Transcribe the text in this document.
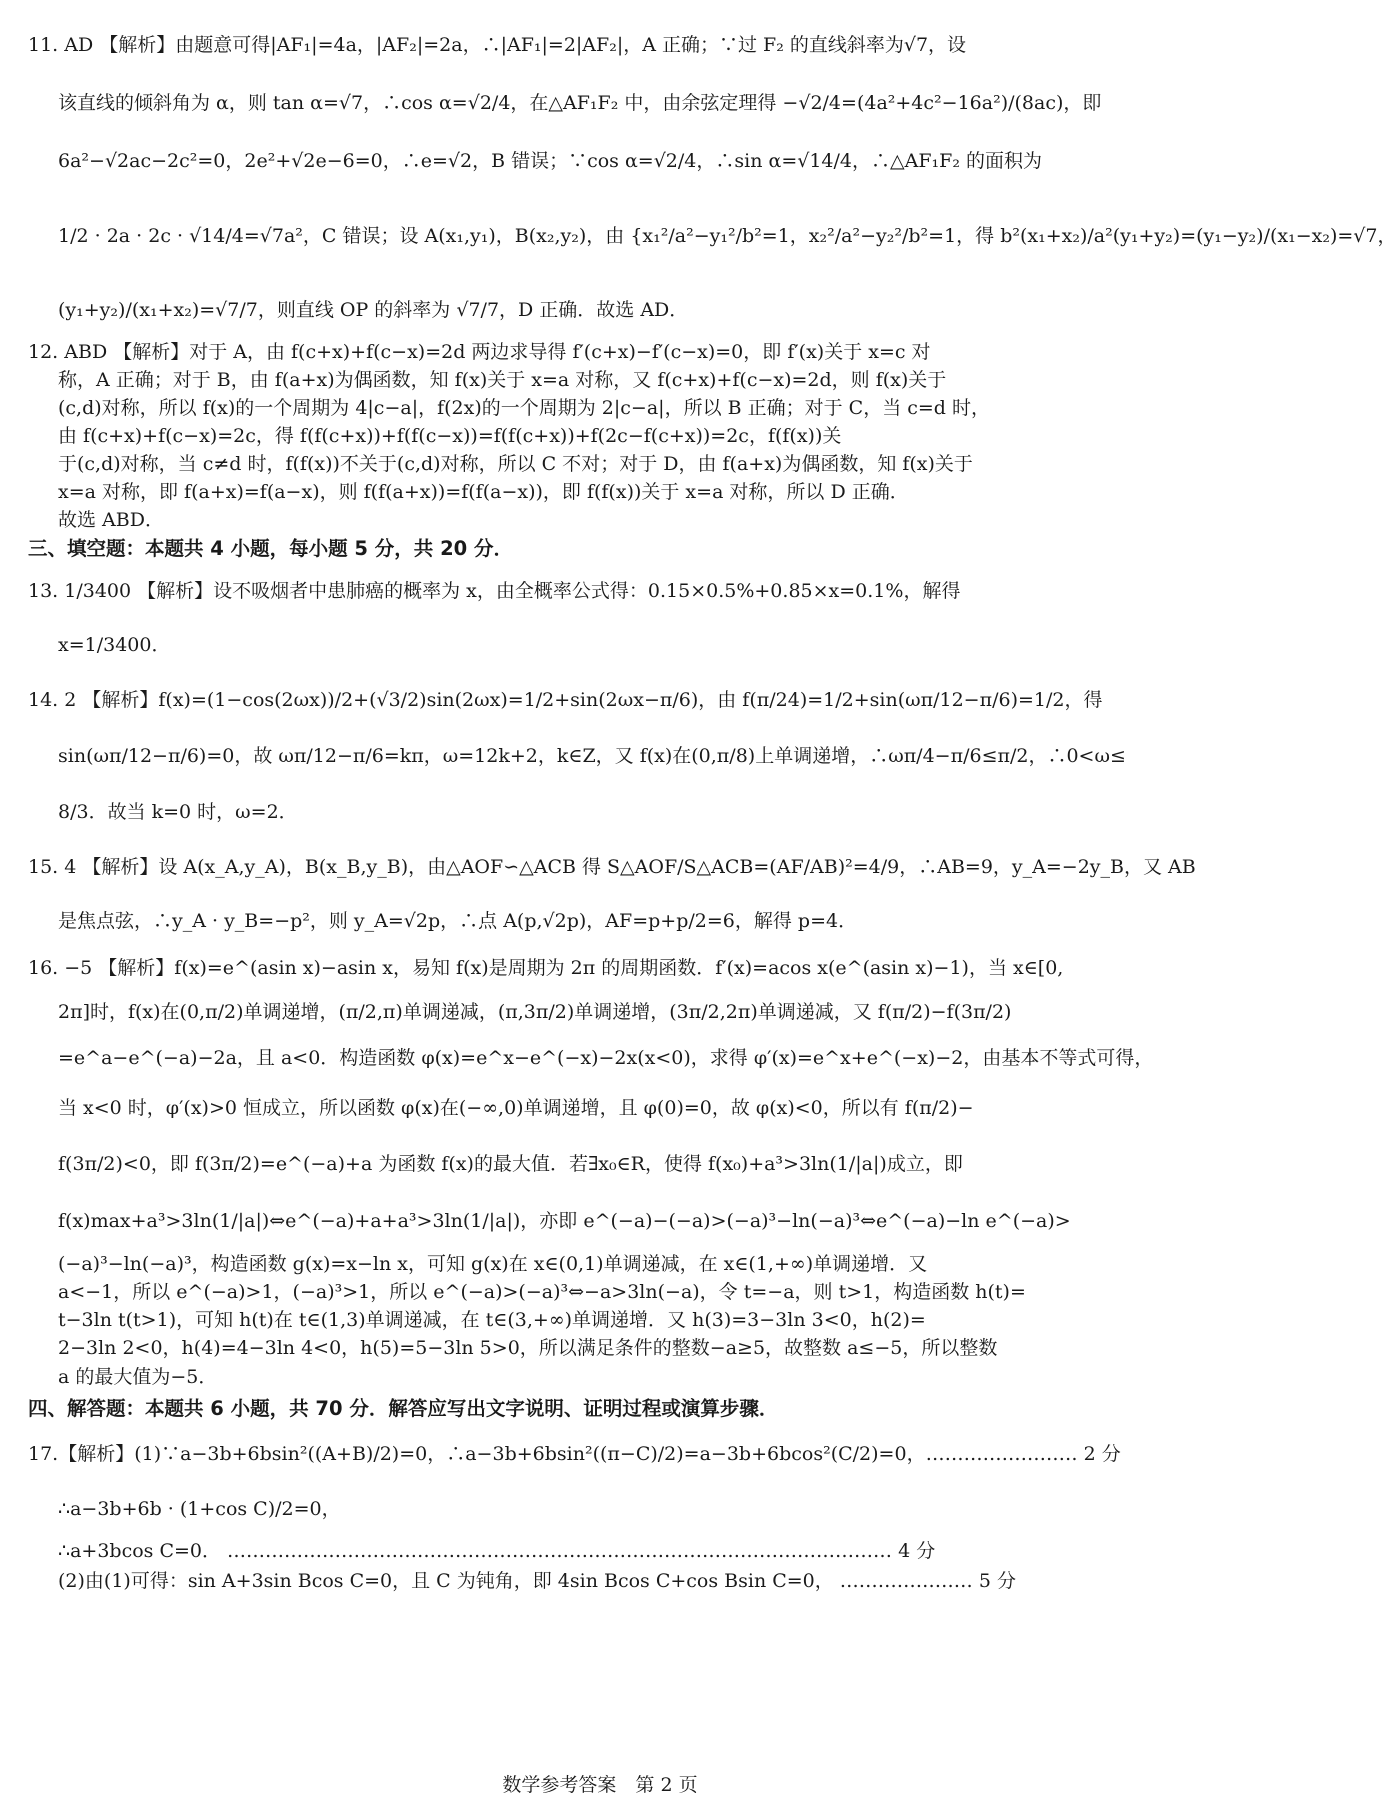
11. AD 【解析】由题意可得|AF₁|=4a，|AF₂|=2a，∴|AF₁|=2|AF₂|，A 正确；∵过 F₂ 的直线斜率为√7，设
该直线的倾斜角为 α，则 tan α=√7，∴cos α=√2/4，在△AF₁F₂ 中，由余弦定理得 −√2/4=(4a²+4c²−16a²)/(8ac)，即
6a²−√2ac−2c²=0，2e²+√2e−6=0，∴e=√2，B 错误；∵cos α=√2/4，∴sin α=√14/4，∴△AF₁F₂ 的面积为
1/2 · 2a · 2c · √14/4=√7a²，C 错误；设 A(x₁,y₁)，B(x₂,y₂)，由 {x₁²/a²−y₁²/b²=1，x₂²/a²−y₂²/b²=1，得 b²(x₁+x₂)/a²(y₁+y₂)=(y₁−y₂)/(x₁−x₂)=√7，
(y₁+y₂)/(x₁+x₂)=√7/7，则直线 OP 的斜率为 √7/7，D 正确．故选 AD．
12. ABD 【解析】对于 A，由 f(c+x)+f(c−x)=2d 两边求导得 f′(c+x)−f′(c−x)=0，即 f′(x)关于 x=c 对
称，A 正确；对于 B，由 f(a+x)为偶函数，知 f(x)关于 x=a 对称，又 f(c+x)+f(c−x)=2d，则 f(x)关于
(c,d)对称，所以 f(x)的一个周期为 4|c−a|，f(2x)的一个周期为 2|c−a|，所以 B 正确；对于 C，当 c=d 时，
由 f(c+x)+f(c−x)=2c，得 f(f(c+x))+f(f(c−x))=f(f(c+x))+f(2c−f(c+x))=2c，f(f(x))关
于(c,d)对称，当 c≠d 时，f(f(x))不关于(c,d)对称，所以 C 不对；对于 D，由 f(a+x)为偶函数，知 f(x)关于
x=a 对称，即 f(a+x)=f(a−x)，则 f(f(a+x))=f(f(a−x))，即 f(f(x))关于 x=a 对称，所以 D 正确．
故选 ABD．
三、填空题：本题共 4 小题，每小题 5 分，共 20 分．
13. 1/3400 【解析】设不吸烟者中患肺癌的概率为 x，由全概率公式得：0.15×0.5%+0.85×x=0.1%，解得
x=1/3400．
14. 2 【解析】f(x)=(1−cos(2ωx))/2+(√3/2)sin(2ωx)=1/2+sin(2ωx−π/6)，由 f(π/24)=1/2+sin(ωπ/12−π/6)=1/2，得
sin(ωπ/12−π/6)=0，故 ωπ/12−π/6=kπ，ω=12k+2，k∈Z，又 f(x)在(0,π/8)上单调递增，∴ωπ/4−π/6≤π/2，∴0<ω≤
8/3．故当 k=0 时，ω=2．
15. 4 【解析】设 A(x_A,y_A)，B(x_B,y_B)，由△AOF∽△ACB 得 S△AOF/S△ACB=(AF/AB)²=4/9，∴AB=9，y_A=−2y_B，又 AB
是焦点弦，∴y_A · y_B=−p²，则 y_A=√2p，∴点 A(p,√2p)，AF=p+p/2=6，解得 p=4．
16. −5 【解析】f(x)=e^(asin x)−asin x，易知 f(x)是周期为 2π 的周期函数．f′(x)=acos x(e^(asin x)−1)，当 x∈[0,
2π]时，f(x)在(0,π/2)单调递增，(π/2,π)单调递减，(π,3π/2)单调递增，(3π/2,2π)单调递减，又 f(π/2)−f(3π/2)
=e^a−e^(−a)−2a，且 a<0．构造函数 φ(x)=e^x−e^(−x)−2x(x<0)，求得 φ′(x)=e^x+e^(−x)−2，由基本不等式可得，
当 x<0 时，φ′(x)>0 恒成立，所以函数 φ(x)在(−∞,0)单调递增，且 φ(0)=0，故 φ(x)<0，所以有 f(π/2)−
f(3π/2)<0，即 f(3π/2)=e^(−a)+a 为函数 f(x)的最大值．若∃x₀∈R，使得 f(x₀)+a³>3ln(1/|a|)成立，即
f(x)max+a³>3ln(1/|a|)⇔e^(−a)+a+a³>3ln(1/|a|)，亦即 e^(−a)−(−a)>(−a)³−ln(−a)³⇔e^(−a)−ln e^(−a)>
(−a)³−ln(−a)³，构造函数 g(x)=x−ln x，可知 g(x)在 x∈(0,1)单调递减，在 x∈(1,+∞)单调递增．又
a<−1，所以 e^(−a)>1，(−a)³>1，所以 e^(−a)>(−a)³⇔−a>3ln(−a)，令 t=−a，则 t>1，构造函数 h(t)=
t−3ln t(t>1)，可知 h(t)在 t∈(1,3)单调递减，在 t∈(3,+∞)单调递增．又 h(3)=3−3ln 3<0，h(2)=
2−3ln 2<0，h(4)=4−3ln 4<0，h(5)=5−3ln 5>0，所以满足条件的整数−a≥5，故整数 a≤−5，所以整数
a 的最大值为−5．
四、解答题：本题共 6 小题，共 70 分．解答应写出文字说明、证明过程或演算步骤．
17.【解析】(1)∵a−3b+6bsin²((A+B)/2)=0，∴a−3b+6bsin²((π−C)/2)=a−3b+6bcos²(C/2)=0，…………………… 2 分
∴a−3b+6b · (1+cos C)/2=0，
∴a+3bcos C=0． …………………………………………………………………………………………… 4 分
(2)由(1)可得：sin A+3sin Bcos C=0，且 C 为钝角，即 4sin Bcos C+cos Bsin C=0， ………………… 5 分
数学参考答案　第 2 页
